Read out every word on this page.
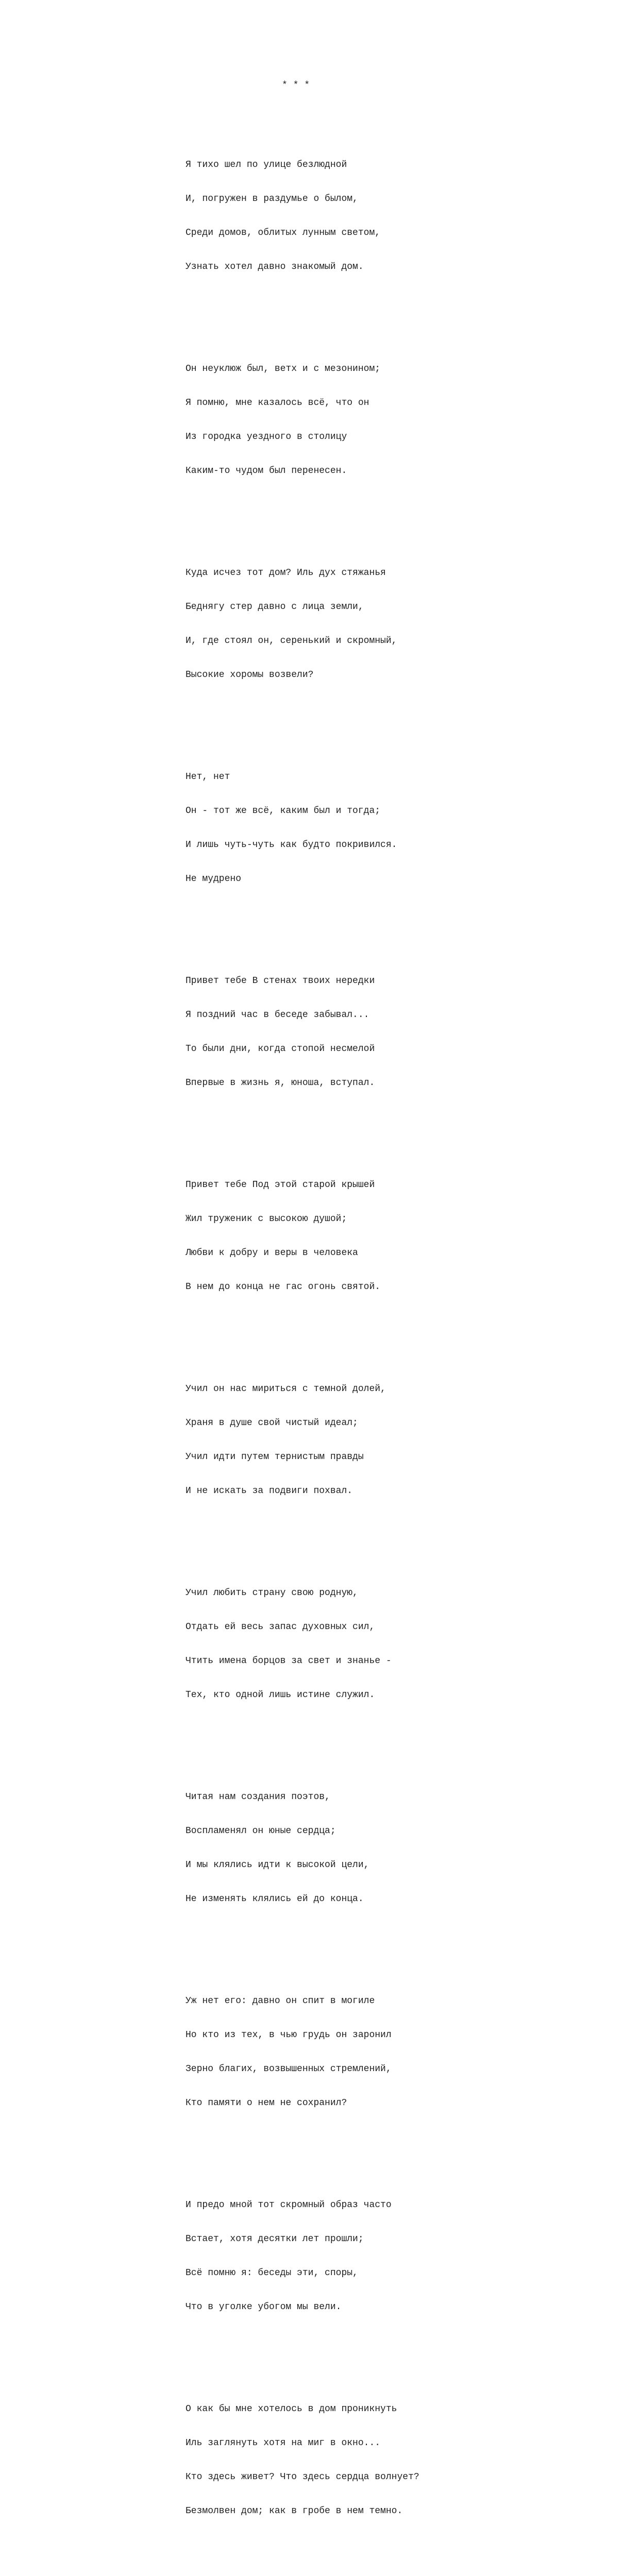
* * *

Я тихо шел по улице безлюдной

И, погружен в раздумье о былом,

Среди домов, облитых лунным светом,

Узнать хотел давно знакомый дом.

Он неуклюж был, ветх и с мезонином;

Я помню, мне казалось всё, что он

Из городка уездного в столицу

Каким-то чудом был перенесен.

Куда исчез тот дом? Иль дух стяжанья

Беднягу стер давно с лица земли,

И, где стоял он, серенький и скромный,

Высокие хоромы возвели?

Нет, нет

Он - тот же всё, каким был и тогда;

И лишь чуть-чуть как будто покривился.

Не мудрено

Привет тебе В стенах твоих нередки

Я поздний час в беседе забывал...

То были дни, когда стопой несмелой

Впервые в жизнь я, юноша, вступал.

Привет тебе Под этой старой крышей

Жил труженик с высокою душой;

Любви к добру и веры в человека

В нем до конца не гас огонь святой.

Учил он нас мириться с темной долей,

Храня в душе свой чистый идеал;

Учил идти путем тернистым правды

И не искать за подвиги похвал.

Учил любить страну свою родную,

Отдать ей весь запас духовных сил,

Чтить имена борцов за свет и знанье -

Тех, кто одной лишь истине служил.

Читая нам создания поэтов,

Воспламенял он юные сердца;

И мы клялись идти к высокой цели,

Не изменять клялись ей до конца.

Уж нет его: давно он спит в могиле

Но кто из тех, в чью грудь он заронил

Зерно благих, возвышенных стремлений,

Кто памяти о нем не сохранил?

И предо мной тот скромный образ часто

Встает, хотя десятки лет прошли;

Всё помню я: беседы эти, споры,

Что в уголке убогом мы вели.

О как бы мне хотелось в дом проникнуть

Иль заглянуть хотя на миг в окно...

Кто здесь живет? Что здесь сердца волнует?

Безмолвен дом; как в гробе в нем темно.
